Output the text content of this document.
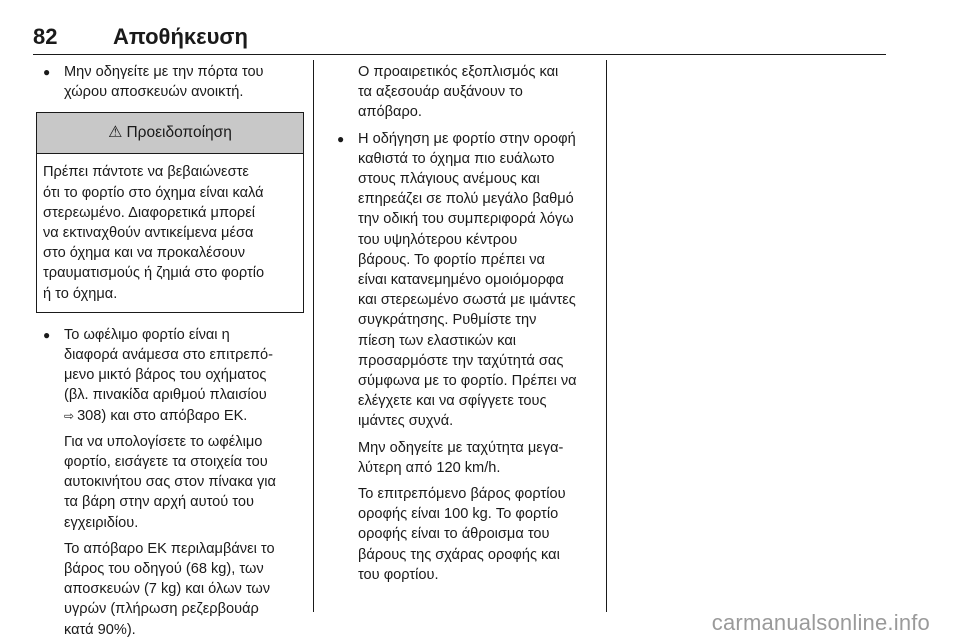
82	Αποθήκευση
● Μην οδηγείτε με την πόρτα του
χώρου αποσκευών ανοικτή.
⚠ Προειδοποίηση
Πρέπει πάντοτε να βεβαιώνεστε
ότι το φορτίο στο όχημα είναι καλά
στερεωμένο. Διαφορετικά μπορεί
να εκτιναχθούν αντικείμενα μέσα
στο όχημα και να προκαλέσουν
τραυματισμούς ή ζημιά στο φορτίο
ή το όχημα.
● Το ωφέλιμο φορτίο είναι η
διαφορά ανάμεσα στο επιτρεπό-
μενο μικτό βάρος του οχήματος
(βλ. πινακίδα αριθμού πλαισίου
⇨ 308) και στο απόβαρο ΕΚ.
Για να υπολογίσετε το ωφέλιμο
φορτίο, εισάγετε τα στοιχεία του
αυτοκινήτου σας στον πίνακα για
τα βάρη στην αρχή αυτού του
εγχειριδίου.
Το απόβαρο ΕΚ περιλαμβάνει το
βάρος του οδηγού (68 kg), των
αποσκευών (7 kg) και όλων των
υγρών (πλήρωση ρεζερβουάρ
κατά 90%).
Ο προαιρετικός εξοπλισμός και
τα αξεσουάρ αυξάνουν το
απόβαρο.
● Η οδήγηση με φορτίο στην οροφή
καθιστά το όχημα πιο ευάλωτο
στους πλάγιους ανέμους και
επηρεάζει σε πολύ μεγάλο βαθμό
την οδική του συμπεριφορά λόγω
του υψηλότερου κέντρου
βάρους. Το φορτίο πρέπει να
είναι κατανεμημένο ομοιόμορφα
και στερεωμένο σωστά με ιμάντες
συγκράτησης. Ρυθμίστε την
πίεση των ελαστικών και
προσαρμόστε την ταχύτητά σας
σύμφωνα με το φορτίο. Πρέπει να
ελέγχετε και να σφίγγετε τους
ιμάντες συχνά.
Μην οδηγείτε με ταχύτητα μεγα-
λύτερη από 120 km/h.
Το επιτρεπόμενο βάρος φορτίου
οροφής είναι 100 kg. Το φορτίο
οροφής είναι το άθροισμα του
βάρους της σχάρας οροφής και
του φορτίου.
carmanualsonline.info
